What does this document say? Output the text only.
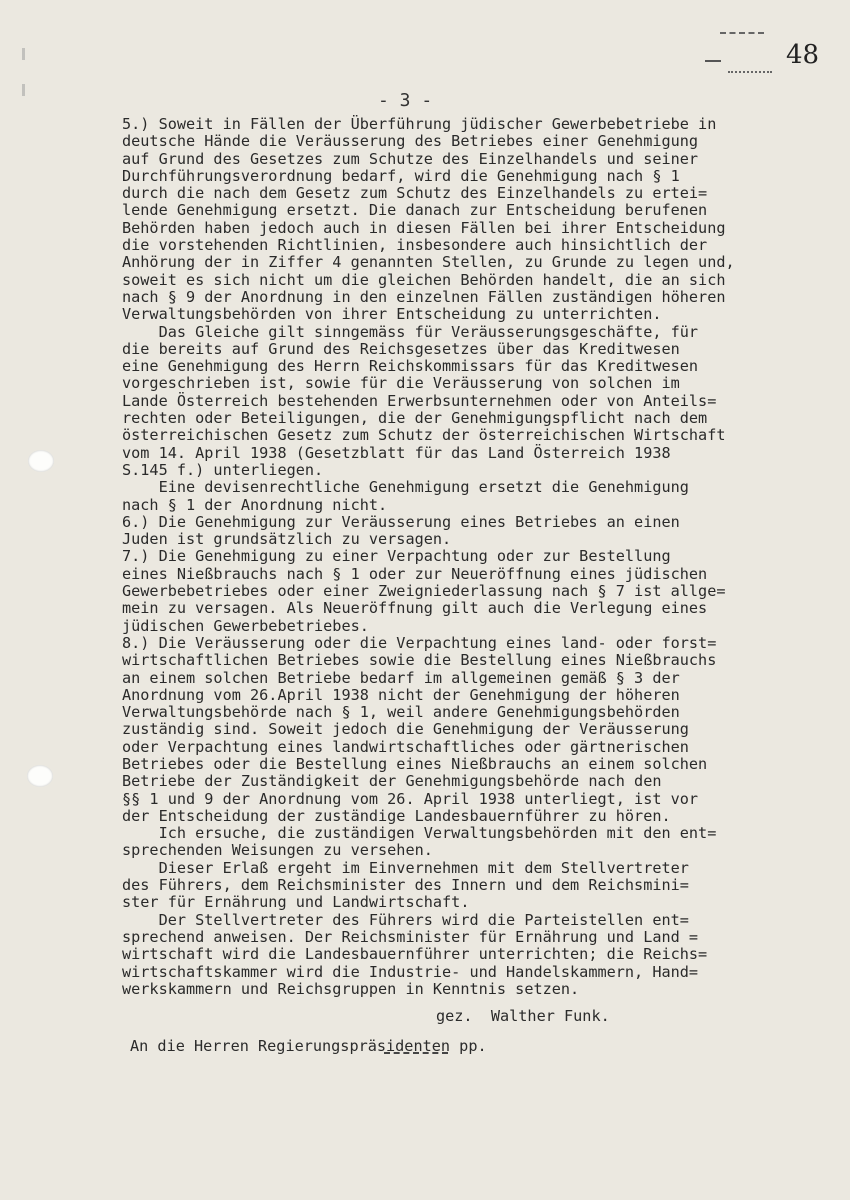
48
- 3 -
5.) Soweit in Fällen der Überführung jüdischer Gewerbebetriebe in
deutsche Hände die Veräusserung des Betriebes einer Genehmigung
auf Grund des Gesetzes zum Schutze des Einzelhandels und seiner
Durchführungsverordnung bedarf, wird die Genehmigung nach § 1
durch die nach dem Gesetz zum Schutz des Einzelhandels zu ertei=
lende Genehmigung ersetzt. Die danach zur Entscheidung berufenen
Behörden haben jedoch auch in diesen Fällen bei ihrer Entscheidung
die vorstehenden Richtlinien, insbesondere auch hinsichtlich der
Anhörung der in Ziffer 4 genannten Stellen, zu Grunde zu legen und,
soweit es sich nicht um die gleichen Behörden handelt, die an sich
nach § 9 der Anordnung in den einzelnen Fällen zuständigen höheren
Verwaltungsbehörden von ihrer Entscheidung zu unterrichten.
Das Gleiche gilt sinngemäss für Veräusserungsgeschäfte, für
die bereits auf Grund des Reichsgesetzes über das Kreditwesen
eine Genehmigung des Herrn Reichskommissars für das Kreditwesen
vorgeschrieben ist, sowie für die Veräusserung von solchen im
Lande Österreich bestehenden Erwerbsunternehmen oder von Anteils=
rechten oder Beteiligungen, die der Genehmigungspflicht nach dem
österreichischen Gesetz zum Schutz der österreichischen Wirtschaft
vom 14. April 1938 (Gesetzblatt für das Land Österreich 1938
S.145 f.) unterliegen.
Eine devisenrechtliche Genehmigung ersetzt die Genehmigung
nach § 1 der Anordnung nicht.
6.) Die Genehmigung zur Veräusserung eines Betriebes an einen
Juden ist grundsätzlich zu versagen.
7.) Die Genehmigung zu einer Verpachtung oder zur Bestellung
eines Nießbrauchs nach § 1 oder zur Neueröffnung eines jüdischen
Gewerbebetriebes oder einer Zweigniederlassung nach § 7 ist allge=
mein zu versagen. Als Neueröffnung gilt auch die Verlegung eines
jüdischen Gewerbebetriebes.
8.) Die Veräusserung oder die Verpachtung eines land- oder forst=
wirtschaftlichen Betriebes sowie die Bestellung eines Nießbrauchs
an einem solchen Betriebe bedarf im allgemeinen gemäß § 3 der
Anordnung vom 26.April 1938 nicht der Genehmigung der höheren
Verwaltungsbehörde nach § 1, weil andere Genehmigungsbehörden
zuständig sind. Soweit jedoch die Genehmigung der Veräusserung
oder Verpachtung eines landwirtschaftliches oder gärtnerischen
Betriebes oder die Bestellung eines Nießbrauchs an einem solchen
Betriebe der Zuständigkeit der Genehmigungsbehörde nach den
§§ 1 und 9 der Anordnung vom 26. April 1938 unterliegt, ist vor
der Entscheidung der zuständige Landesbauernführer zu hören.
Ich ersuche, die zuständigen Verwaltungsbehörden mit den ent=
sprechenden Weisungen zu versehen.
Dieser Erlaß ergeht im Einvernehmen mit dem Stellvertreter
des Führers, dem Reichsminister des Innern und dem Reichsmini=
ster für Ernährung und Landwirtschaft.
Der Stellvertreter des Führers wird die Parteistellen ent=
sprechend anweisen. Der Reichsminister für Ernährung und Land =
wirtschaft wird die Landesbauernführer unterrichten; die Reichs=
wirtschaftskammer wird die Industrie- und Handelskammern, Hand=
werkskammern und Reichsgruppen in Kenntnis setzen.
gez.  Walther Funk.
An die Herren Regierungspräsidenten pp.
